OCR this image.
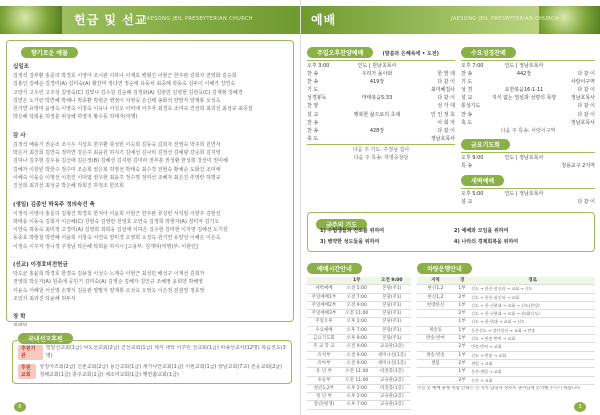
헌금 및 선교
JAESONG JEIL PRESBYTERIAN CHURCH
향기로운 예물
십일조
김정석 강부환 홍문의 박경호 이영아 조시관 이하나 이재호 백형진 이현근 한주완 김희자 전영화 김승희
김홍인 김혜순 김경미(A) 김미숙(A) 황찬미 정다연 정순애 유동차 최중례 곽동숙 김두이 이혜가 강연숙
고양식 고우린 고주성 김영숙(C) 김빛나 김수원 김순례 김정화(A) 김현민 김영현 김현옥(C) 김재형 강혜경
김연은 노기란 박연혜 박해나 박종환 박현곤 변점이 서영숙 손신해 송화석 양말자 양재봉 오성옥
원기연 유영미 윤영옥 이영숙 이청숙 이유나 이성오 이미애 이주자 최경숙 조미숙 진선희 최귀선 최성규 최증질
박은혜 탁희윤 허정훈 위성혜 하영지 황수동 하태자(익명)
감 사
김정석 배용기 권순조 조시우 지성호 한주환 류성빈 이승희 김동숙 김희자 전영숙 박주희 원연자
박은자 최진희 김연숙 정미연 강은주 최윤원 하지기 김예선 김나리 김정선 김예량 강순희 김지영
김덕나 김주현 김우용 김선애 김은정(B) 김혜선 김지현 김미라 전부훈 권성환 한성희 강선미 권미혜
김혜자 이원빈 박한수 정수미 조순희 권은희 허영선 박태숙 최수경 전현숙 황예순 도화진 조미애
이혜숙 이을순 이영선 이원진 이덕엽 권우현 최윤주 정수명 정미선 조혜자 최은진 추영란 하명규
진선희 최귀선 최성규 박은혜 탁희진 하정조 한조희
(생일) 김종인 박옥주 정의숙건 축
이정석 이영아 홍문의 김형건 박경호 한지아 이윤희 이현근 한주완 류성빈 서석임 이향주 김현선
곽태웅 이동숙 김희자 이은혜(C) 강현숙 김영란 전영호 오연숙 김정희 박현자(A) 정미자 김기오
이양숙 곽동숙 최미정 고경미(A) 김영희 곽희웅 김선애 이하은 김수현 김미현 이지영 김혜선 노기원
동종호 박현철 박연혜 서윤희 서창숙 서연숙 양미경 오영희 오성옥 원기연 유양선 이혜은 이은옥
이정숙 이주자 정니경 주정님 탁은혜 탁희윤 하지시 [고용부: 김재덕(익명)부: 이관민]
(선교) 이경호비전헌금
탁도균 홍윤희 박경호 한경숙 김용철 이성수 노계숙 이현근 최성민 배성구 이재선 김희자
전영희 박은자(A) 원종애 공민기 김미숙(A) 김영순 김혜자 김인규 조혜영 윤희양 박해영
서윤숙 서혜원 서선영 손명식 김운관 양말자 양재봉 오성옥 오영옥 이은정 전광열 정호영
조일자 최귀진 탁윤혜 허두식
장 학
국내선교후원
후원기관
밀알선교회(1급) 낙도선교회(2급) 군선교회(1급) 제자 대학 이주민 선교회(1급) 파송선교사(12명) 복음전도(3명)
후원교회
상검아즈회(2급) 신촌교회(2급) 용산교회(1급) 새가나안교회(1급) 이현교회(1급) 항남교회(7교) 전응교회(2급) 청해교회(1급) 충주교회(1급) 채소미교회(1급) 행만춤교회(1급)
6
예배	JAESONG JEIL PRESBYTERIAN CHURCH
주일오후찬양예배	(말씀과 은혜속에 • 도전)
오후 3:00	인도 | 원남초목사
찬 송	우리가 돌아와	한 맘 데
찬 송	419장	다 같 이
기 도	최미혜집사
성경봉독	마태복음5:33	다 같 이
찬 양	성 가 대
설 교	행복한 삶으로의 초대	인 인 정 호
찬 송	사 회 자
찬 송	428장	다 같 이
축 도	정남호목사
다음 주 기도: 주정님 집사
다음 주 특송: 하영중창단
수요성경찬배
오후 7:00	인도 | 정남호목사
찬 송	442장	다 같 이
기 도	사랑이구역
성 경	요한복음16:1-11	다 같 이
설 교	지식 없는 열심과 성령의 목양	정남호목사
통성기도	다 같 이
찬 송	다 같 이
축 도	정남호목사
다음 주 특송: 사랑이구역
금요기도회
오후 9:00	인도 | 정남호목사
특 송	청용교구 2지역
새벽예배
오후 5:00	인도 | 정남호목사
설 교	다 같 이
금주의 기도
1) 수험생들과 진로를 위하여	2) 예배와 모임을 위하여
3) 병약한 성도들을 위하여	4) 나라의 경제회복을 위하여
예배시간안내
	1부	오전 9:00
새벽예배	오전 5:00	본당(주1)
주일예배1부	오전 7:00	본당(주1)
주일예배2부	오전 9:00	본당(주1)
주일예배3부	오전 11:00	본당(주1)
주일오후	오후 2:00	본당(주1)
수요예배	오후 7:00	본당(주1)
금요기도회	오후 9:00	본당(주1)
주 교 학 교	오전 9:00	교육관(3층)
유치부	오전 9:00	세미나실(1층)
유아부	오전 9:00	세미나실(1층)
유 년 부	오전 11:00	비전홀(1층)
초등부	오전 11:00	교육관(2층)
청년1,2부	오후 2:00	비전홀(1층)
청 년 부	오후 2:00	교육관(2층)
장년(평생)	오후 7:00	교육관(3층)
차량운행안내
지역	경	경로
한신1,2	1부	신도 → 한신·상신리 → 교회 → 신도
한신1,2	2부	신도 → 한신·상신리 → 교회
현대한신	1부	신도 → 한·신현대 → 교회 → 신도(본당)
	2부	신도 → 한·신현대 → 교회 → 현대(신도)
	1부	신도 → 한·현대 → 교회 → 신도
재송동	1부	동산신도 → 장산성지 → 교회 → 반송
반송·반여	1부	신도 → 반송·반여 → 교회
	2부	반송·반여 → 교회
재송·반송	1부	신도 → 반송 → 교회
센텀	2부	센텀 → 교회
	1부	동산·센텀 → 교회
	2부	동산 → 교회
주일 낮 예배 운행 차량 안내는 각 지역 담당자 정수옥 권사님께 문의해 주시기 바랍니다.
3
